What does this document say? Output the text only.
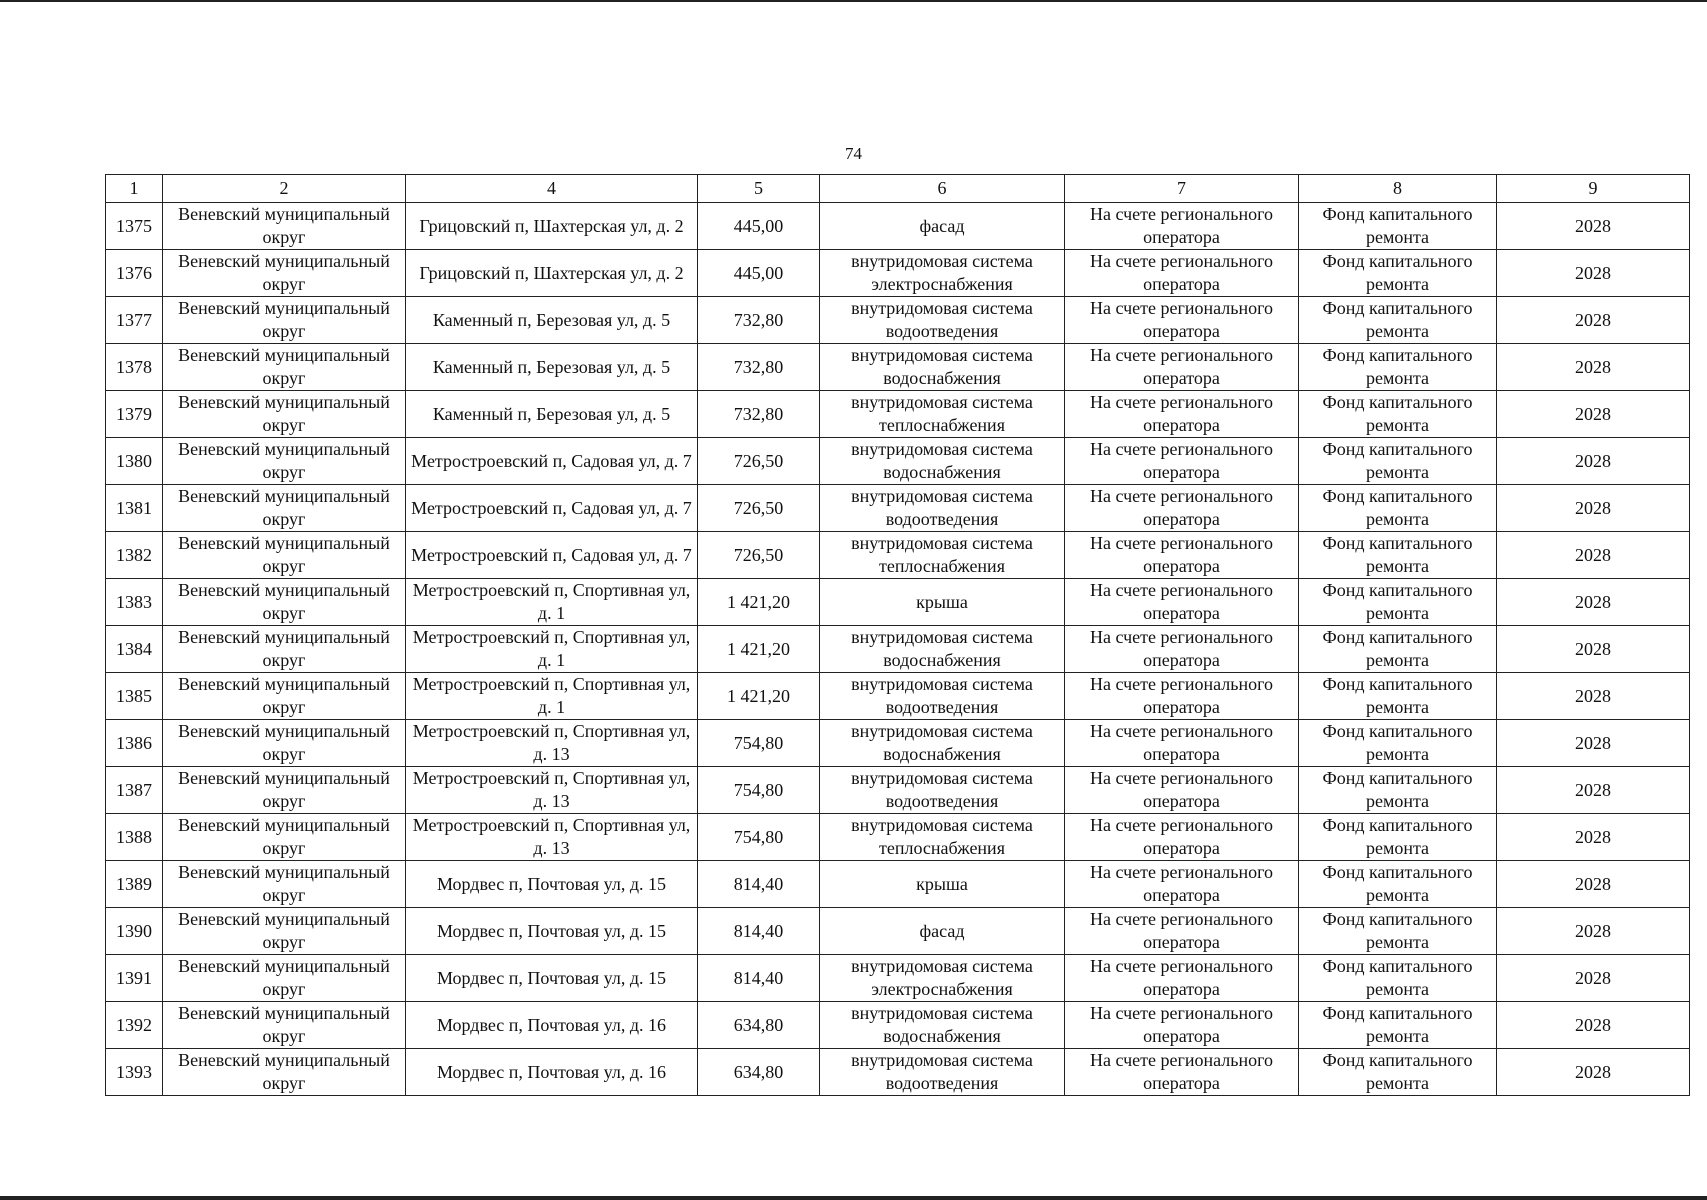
74
1	2	4	5	6	7	8	9
1375	Веневский муниципальный округ	Грицовский п, Шахтерская ул, д. 2	445,00	фасад	На счете регионального оператора	Фонд капитального ремонта	2028
1376	Веневский муниципальный округ	Грицовский п, Шахтерская ул, д. 2	445,00	внутридомовая система электроснабжения	На счете регионального оператора	Фонд капитального ремонта	2028
1377	Веневский муниципальный округ	Каменный п, Березовая ул, д. 5	732,80	внутридомовая система водоотведения	На счете регионального оператора	Фонд капитального ремонта	2028
1378	Веневский муниципальный округ	Каменный п, Березовая ул, д. 5	732,80	внутридомовая система водоснабжения	На счете регионального оператора	Фонд капитального ремонта	2028
1379	Веневский муниципальный округ	Каменный п, Березовая ул, д. 5	732,80	внутридомовая система теплоснабжения	На счете регионального оператора	Фонд капитального ремонта	2028
1380	Веневский муниципальный округ	Метростроевский п, Садовая ул, д. 7	726,50	внутридомовая система водоснабжения	На счете регионального оператора	Фонд капитального ремонта	2028
1381	Веневский муниципальный округ	Метростроевский п, Садовая ул, д. 7	726,50	внутридомовая система водоотведения	На счете регионального оператора	Фонд капитального ремонта	2028
1382	Веневский муниципальный округ	Метростроевский п, Садовая ул, д. 7	726,50	внутридомовая система теплоснабжения	На счете регионального оператора	Фонд капитального ремонта	2028
1383	Веневский муниципальный округ	Метростроевский п, Спортивная ул, д. 1	1 421,20	крыша	На счете регионального оператора	Фонд капитального ремонта	2028
1384	Веневский муниципальный округ	Метростроевский п, Спортивная ул, д. 1	1 421,20	внутридомовая система водоснабжения	На счете регионального оператора	Фонд капитального ремонта	2028
1385	Веневский муниципальный округ	Метростроевский п, Спортивная ул, д. 1	1 421,20	внутридомовая система водоотведения	На счете регионального оператора	Фонд капитального ремонта	2028
1386	Веневский муниципальный округ	Метростроевский п, Спортивная ул, д. 13	754,80	внутридомовая система водоснабжения	На счете регионального оператора	Фонд капитального ремонта	2028
1387	Веневский муниципальный округ	Метростроевский п, Спортивная ул, д. 13	754,80	внутридомовая система водоотведения	На счете регионального оператора	Фонд капитального ремонта	2028
1388	Веневский муниципальный округ	Метростроевский п, Спортивная ул, д. 13	754,80	внутридомовая система теплоснабжения	На счете регионального оператора	Фонд капитального ремонта	2028
1389	Веневский муниципальный округ	Мордвес п, Почтовая ул, д. 15	814,40	крыша	На счете регионального оператора	Фонд капитального ремонта	2028
1390	Веневский муниципальный округ	Мордвес п, Почтовая ул, д. 15	814,40	фасад	На счете регионального оператора	Фонд капитального ремонта	2028
1391	Веневский муниципальный округ	Мордвес п, Почтовая ул, д. 15	814,40	внутридомовая система электроснабжения	На счете регионального оператора	Фонд капитального ремонта	2028
1392	Веневский муниципальный округ	Мордвес п, Почтовая ул, д. 16	634,80	внутридомовая система водоснабжения	На счете регионального оператора	Фонд капитального ремонта	2028
1393	Веневский муниципальный округ	Мордвес п, Почтовая ул, д. 16	634,80	внутридомовая система водоотведения	На счете регионального оператора	Фонд капитального ремонта	2028
